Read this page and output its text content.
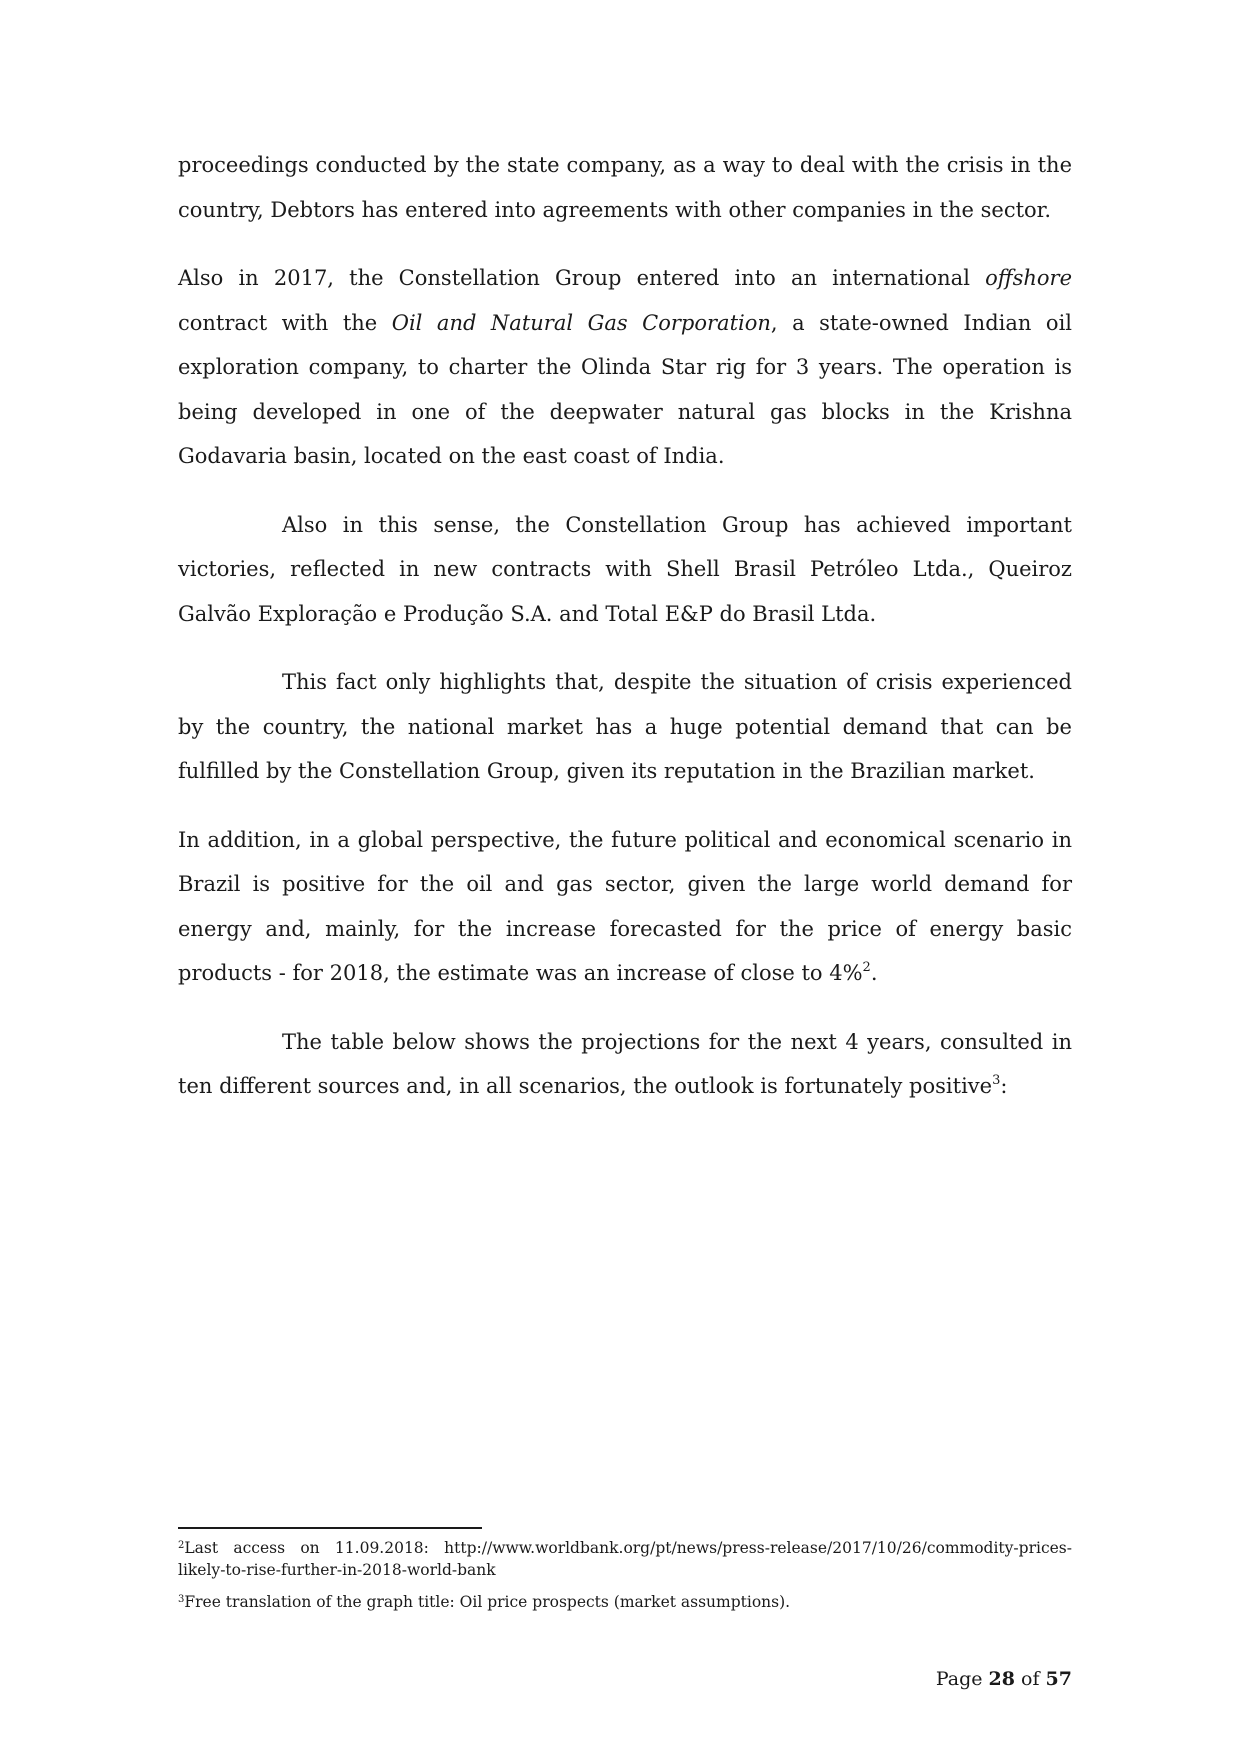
proceedings conducted by the state company, as a way to deal with the crisis in the country, Debtors has entered into agreements with other companies in the sector.

Also in 2017, the Constellation Group entered into an international offshore contract with the Oil and Natural Gas Corporation, a state-owned Indian oil exploration company, to charter the Olinda Star rig for 3 years. The operation is being developed in one of the deepwater natural gas blocks in the Krishna Godavaria basin, located on the east coast of India.

Also in this sense, the Constellation Group has achieved important victories, reflected in new contracts with Shell Brasil Petróleo Ltda., Queiroz Galvão Exploração e Produção S.A. and Total E&P do Brasil Ltda.

This fact only highlights that, despite the situation of crisis experienced by the country, the national market has a huge potential demand that can be fulfilled by the Constellation Group, given its reputation in the Brazilian market.

In addition, in a global perspective, the future political and economical scenario in Brazil is positive for the oil and gas sector, given the large world demand for energy and, mainly, for the increase forecasted for the price of energy basic products - for 2018, the estimate was an increase of close to 4%$^2$.

The table below shows the projections for the next 4 years, consulted in ten different sources and, in all scenarios, the outlook is fortunately positive$^3$:

$^2$Last access on 11.09.2018: http://www.worldbank.org/pt/news/press-release/2017/10/26/commodity-prices-likely-to-rise-further-in-2018-world-bank

$^3$Free translation of the graph title: Oil price prospects (market assumptions).

Page 28 of 57
